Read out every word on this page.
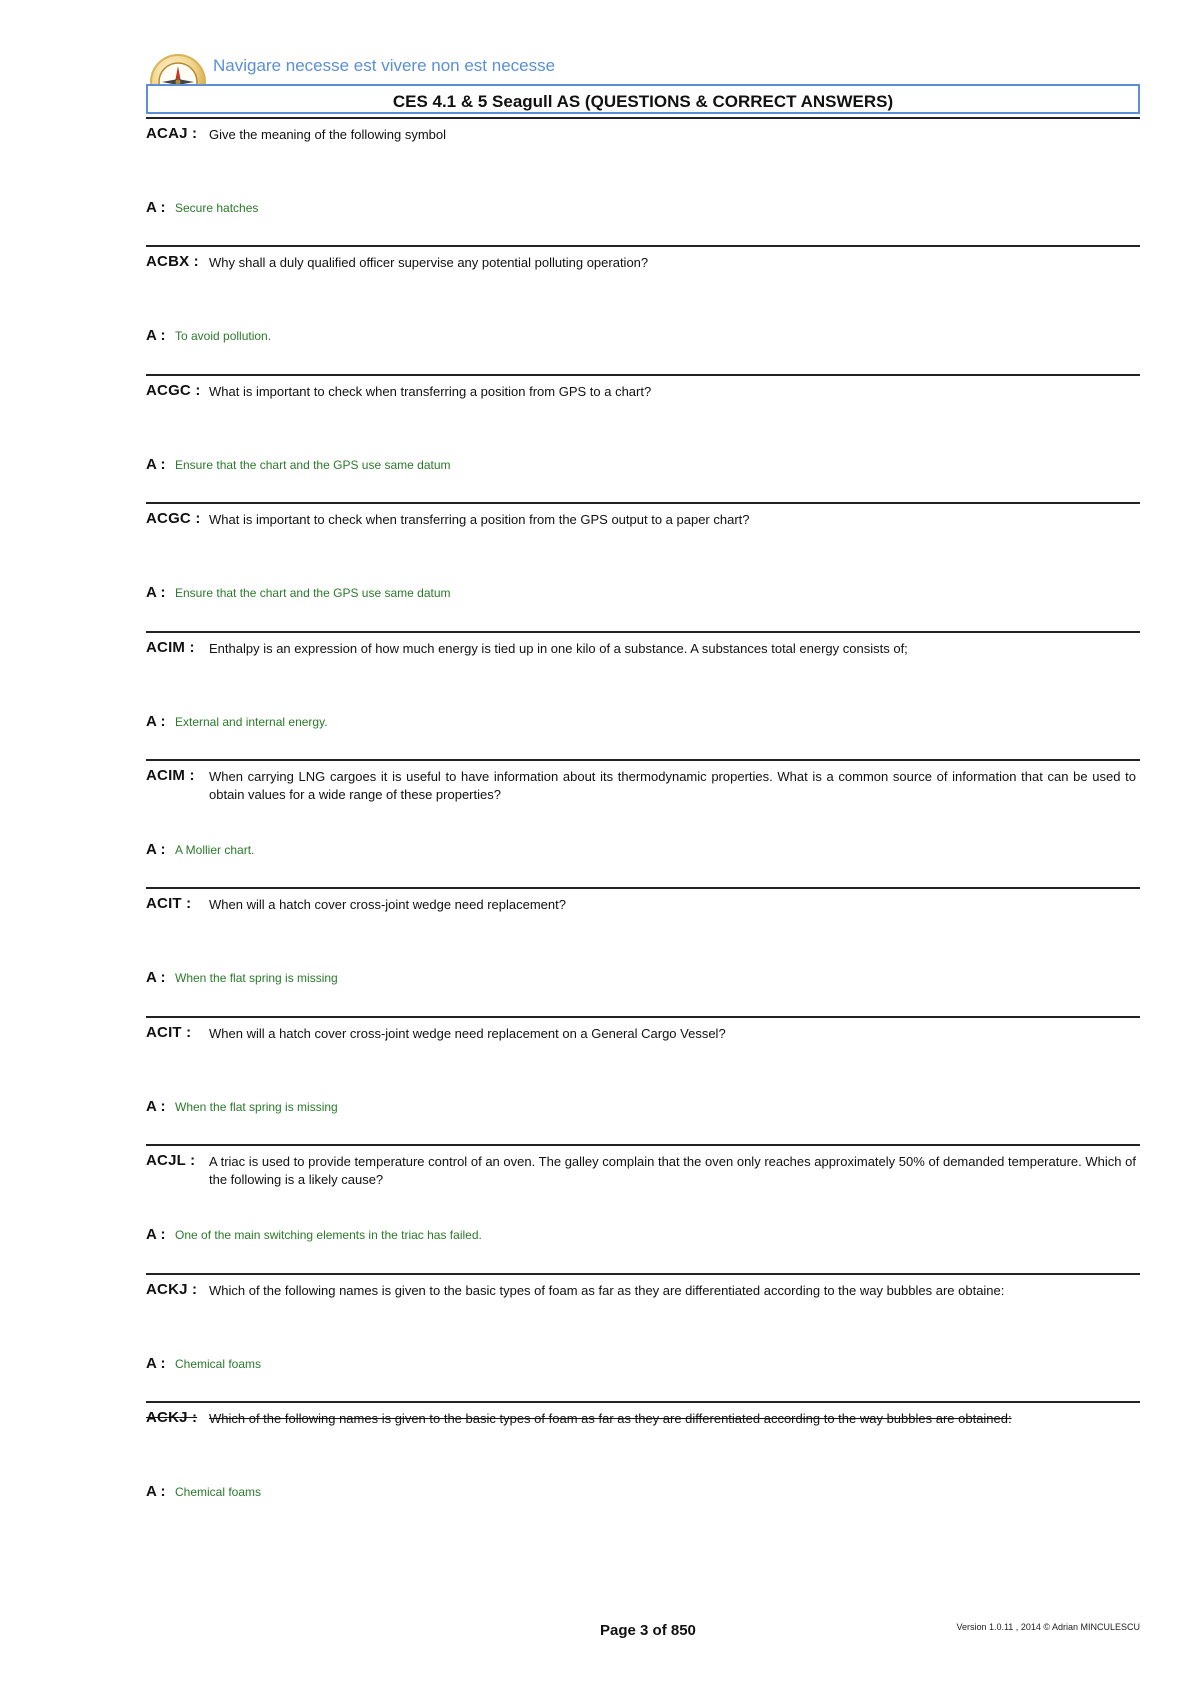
Navigare necesse est vivere non est necesse
CES 4.1 & 5 Seagull AS (QUESTIONS & CORRECT ANSWERS)
ACAJ : Give the meaning of the following symbol
A : Secure hatches
ACBX : Why shall a duly qualified officer supervise any potential polluting operation?
A : To avoid pollution.
ACGC : What is important to check when transferring a position from GPS to a chart?
A : Ensure that the chart and the GPS use same datum
ACGC : What is important to check when transferring a position from the GPS output to a paper chart?
A : Ensure that the chart and the GPS use same datum
ACIM : Enthalpy is an expression of how much energy is tied up in one kilo of a substance. A substances total energy consists of;
A : External and internal energy.
ACIM : When carrying LNG cargoes it is useful to have information about its thermodynamic properties. What is a common source of information that can be used to obtain values for a wide range of these properties?
A : A Mollier chart.
ACIT : When will a hatch cover cross-joint wedge need replacement?
A : When the flat spring is missing
ACIT : When will a hatch cover cross-joint wedge need replacement on a General Cargo Vessel?
A : When the flat spring is missing
ACJL : A triac is used to provide temperature control of an oven. The galley complain that the oven only reaches approximately 50% of demanded temperature. Which of the following is a likely cause?
A : One of the main switching elements in the triac has failed.
ACKJ : Which of the following names is given to the basic types of foam as far as they are differentiated according to the way bubbles are obtaine:
A : Chemical foams
ACKJ : Which of the following names is given to the basic types of foam as far as they are differentiated according to the way bubbles are obtained:
A : Chemical foams
Page 3 of 850	Version 1.0.11 , 2014 © Adrian MINCULESCU
